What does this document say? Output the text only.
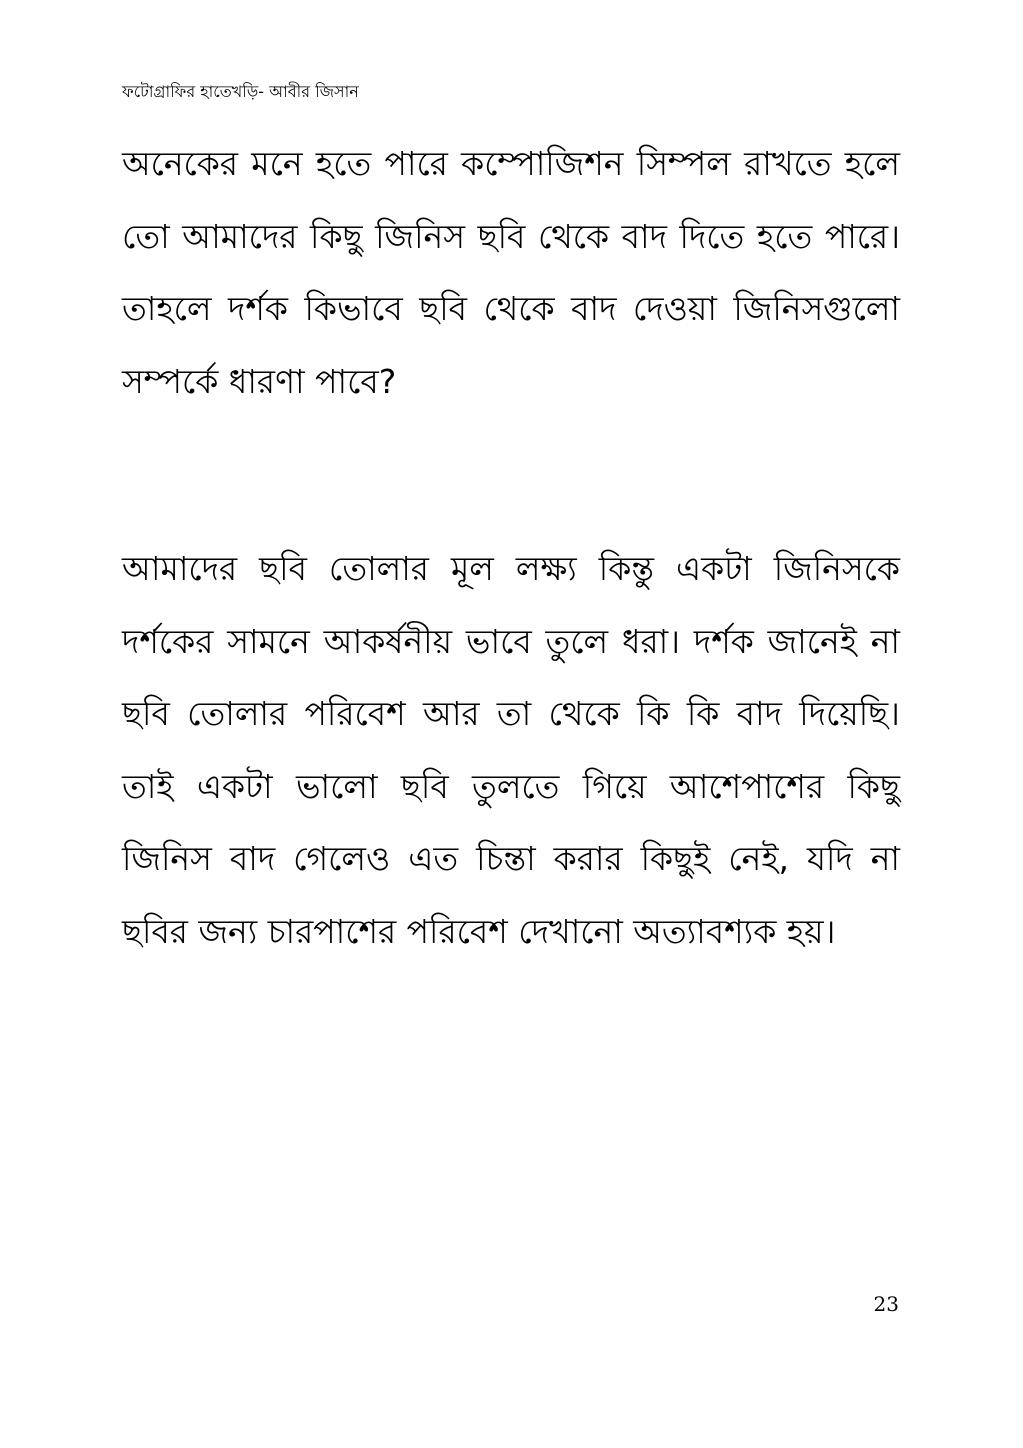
ফটোগ্রাফির হাতেখড়ি- আবীর জিসান

অনেকের মনে হতে পারে কম্পোজিশন সিম্পল রাখতে হলে তো আমাদের কিছু জিনিস ছবি থেকে বাদ দিতে হতে পারে। তাহলে দর্শক কিভাবে ছবি থেকে বাদ দেওয়া জিনিসগুলো সম্পর্কে ধারণা পাবে?

আমাদের ছবি তোলার মূল লক্ষ্য কিন্তু একটা জিনিসকে দর্শকের সামনে আকর্ষনীয় ভাবে তুলে ধরা। দর্শক জানেই না ছবি তোলার পরিবেশ আর তা থেকে কি কি বাদ দিয়েছি। তাই একটা ভালো ছবি তুলতে গিয়ে আশেপাশের কিছু জিনিস বাদ গেলেও এত চিন্তা করার কিছুই নেই, যদি না ছবির জন্য চারপাশের পরিবেশ দেখানো অত্যাবশ্যক হয়।

23
